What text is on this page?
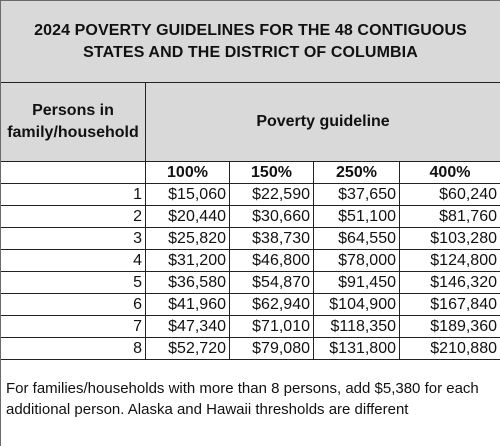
2024 POVERTY GUIDELINES FOR THE 48 CONTIGUOUS STATES AND THE DISTRICT OF COLUMBIA
Persons in family/household
Poverty guideline
100%	150%	250%	400%
1	$15,060	$22,590	$37,650	$60,240
2	$20,440	$30,660	$51,100	$81,760
3	$25,820	$38,730	$64,550	$103,280
4	$31,200	$46,800	$78,000	$124,800
5	$36,580	$54,870	$91,450	$146,320
6	$41,960	$62,940	$104,900	$167,840
7	$47,340	$71,010	$118,350	$189,360
8	$52,720	$79,080	$131,800	$210,880
For families/households with more than 8 persons, add $5,380 for each additional person. Alaska and Hawaii thresholds are different
